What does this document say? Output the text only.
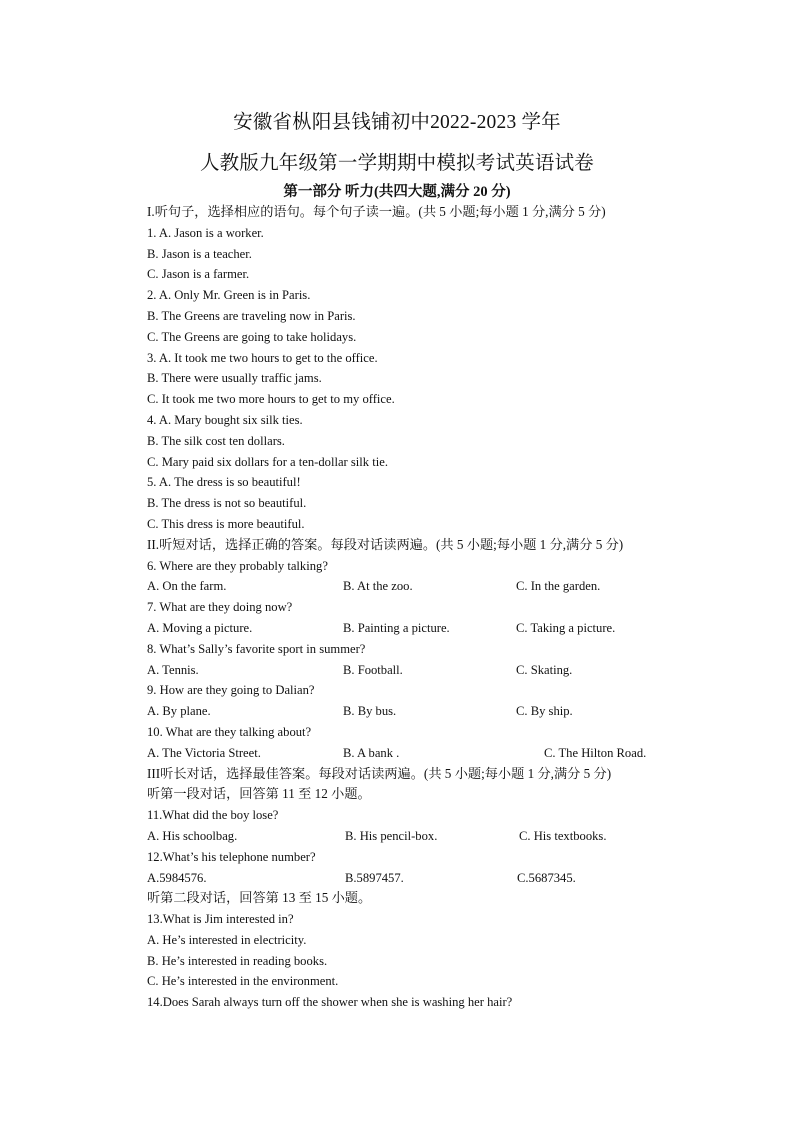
安徽省枞阳县钱铺初中2022-2023 学年
人教版九年级第一学期期中模拟考试英语试卷
第一部分 听力(共四大题,满分 20 分)
I.听句子，选择相应的语句。每个句子读一遍。(共 5 小题;每小题 1 分,满分 5 分)
1. A. Jason is a worker.
B. Jason is a teacher.
C. Jason is a farmer.
2. A. Only Mr. Green is in Paris.
B. The Greens are traveling now in Paris.
C. The Greens are going to take holidays.
3. A. It took me two hours to get to the office.
B. There were usually traffic jams.
C. It took me two more hours to get to my office.
4. A. Mary bought six silk ties.
B. The silk cost ten dollars.
C. Mary paid six dollars for a ten-dollar silk tie.
5. A. The dress is so beautiful!
B. The dress is not so beautiful.
C. This dress is more beautiful.
II.听短对话，选择正确的答案。每段对话读两遍。(共 5 小题;每小题 1 分,满分 5 分)
6. Where are they probably talking?
A. On the farm.	B. At the zoo.	C. In the garden.
7. What are they doing now?
A. Moving a picture.	B. Painting a picture.	C. Taking a picture.
8. What’s Sally’s favorite sport in summer?
A. Tennis.	B. Football.	C. Skating.
9. How are they going to Dalian?
A. By plane.	B. By bus.	C. By ship.
10. What are they talking about?
A. The Victoria Street.	B. A bank .	C. The Hilton Road.
III听长对话，选择最佳答案。每段对话读两遍。(共 5 小题;每小题 1 分,满分 5 分)
听第一段对话，回答第 11 至 12 小题。
11.What did the boy lose?
A. His schoolbag.	B. His pencil-box.	C. His textbooks.
12.What’s his telephone number?
A.5984576.	B.5897457.	C.5687345.
听第二段对话，回答第 13 至 15 小题。
13.What is Jim interested in?
A. He’s interested in electricity.
B. He’s interested in reading books.
C. He’s interested in the environment.
14.Does Sarah always turn off the shower when she is washing her hair?
